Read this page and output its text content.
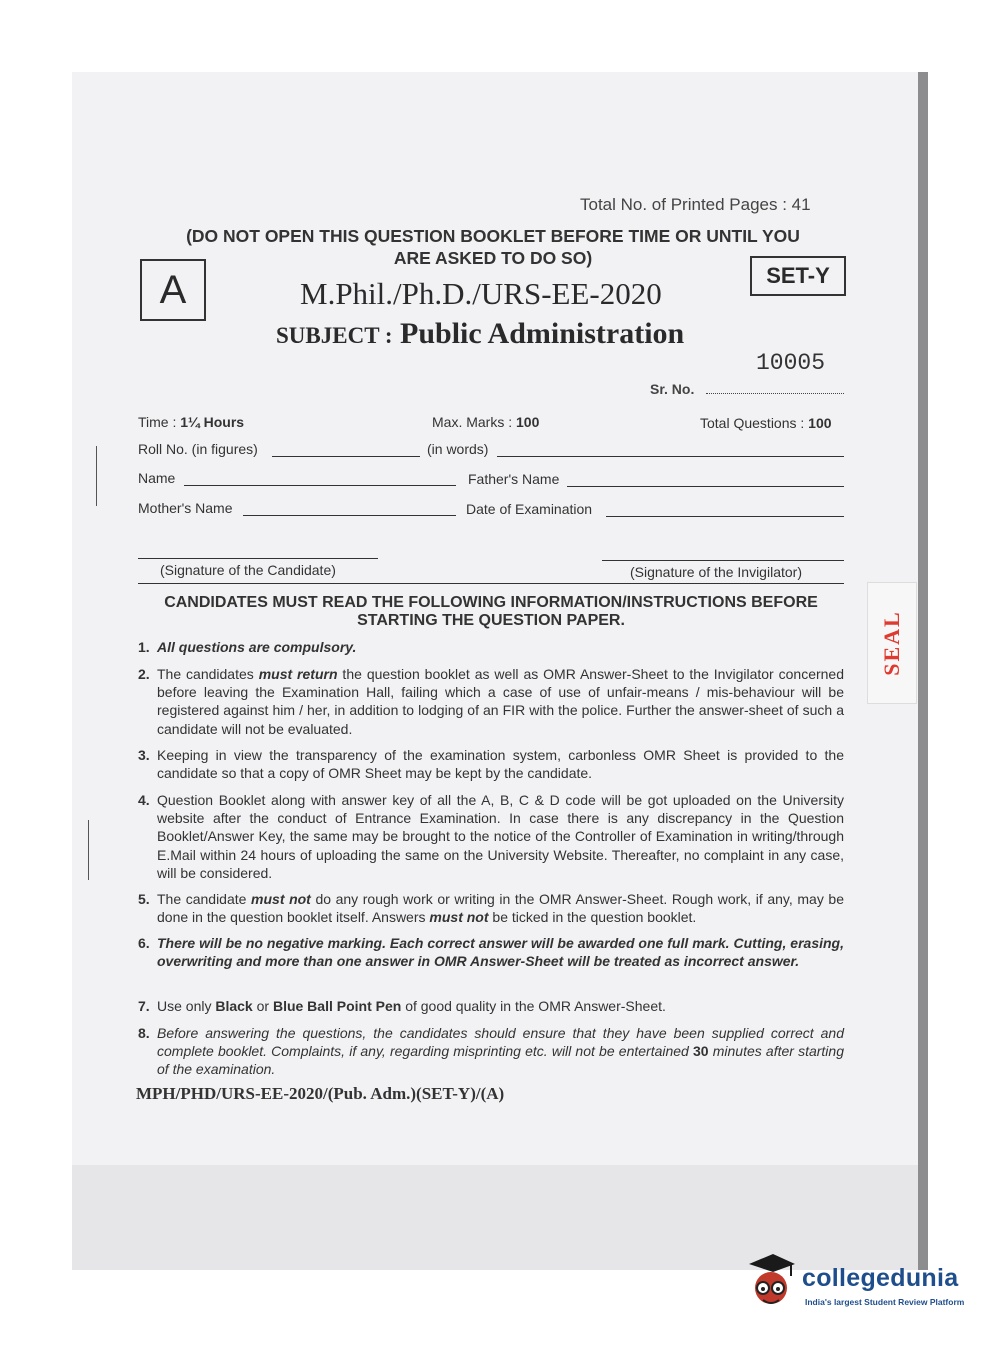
Total No. of Printed Pages : 41
(DO NOT OPEN THIS QUESTION BOOKLET BEFORE TIME OR UNTIL YOU
ARE ASKED TO DO SO)
A	SET-Y
M.Phil./Ph.D./URS-EE-2020
SUBJECT : Public Administration
10005
Sr. No.
Time : 1¼ Hours	Max. Marks : 100	Total Questions : 100
Roll No. (in figures)	(in words)
Name	Father's Name
Mother's Name	Date of Examination
(Signature of the Candidate)	(Signature of the Invigilator)
SEAL
CANDIDATES MUST READ THE FOLLOWING INFORMATION/INSTRUCTIONS BEFORE
STARTING THE QUESTION PAPER.
1. All questions are compulsory.

2. The candidates must return the question booklet as well as OMR Answer-Sheet to the Invigilator concerned before leaving the Examination Hall, failing which a case of use of unfair-means / mis-behaviour will be registered against him / her, in addition to lodging of an FIR with the police. Further the answer-sheet of such a candidate will not be evaluated.

3. Keeping in view the transparency of the examination system, carbonless OMR Sheet is provided to the candidate so that a copy of OMR Sheet may be kept by the candidate.

4. Question Booklet along with answer key of all the A, B, C & D code will be got uploaded on the University website after the conduct of Entrance Examination. In case there is any discrepancy in the Question Booklet/Answer Key, the same may be brought to the notice of the Controller of Examination in writing/through E.Mail within 24 hours of uploading the same on the University Website. Thereafter, no complaint in any case, will be considered.

5. The candidate must not do any rough work or writing in the OMR Answer-Sheet. Rough work, if any, may be done in the question booklet itself. Answers must not be ticked in the question booklet.

6. There will be no negative marking. Each correct answer will be awarded one full mark. Cutting, erasing, overwriting and more than one answer in OMR Answer-Sheet will be treated as incorrect answer.

7. Use only Black or Blue Ball Point Pen of good quality in the OMR Answer-Sheet.

8. Before answering the questions, the candidates should ensure that they have been supplied correct and complete booklet. Complaints, if any, regarding misprinting etc. will not be entertained 30 minutes after starting of the examination.

MPH/PHD/URS-EE-2020/(Pub. Adm.)(SET-Y)/(A)
collegedunia
India's largest Student Review Platform
